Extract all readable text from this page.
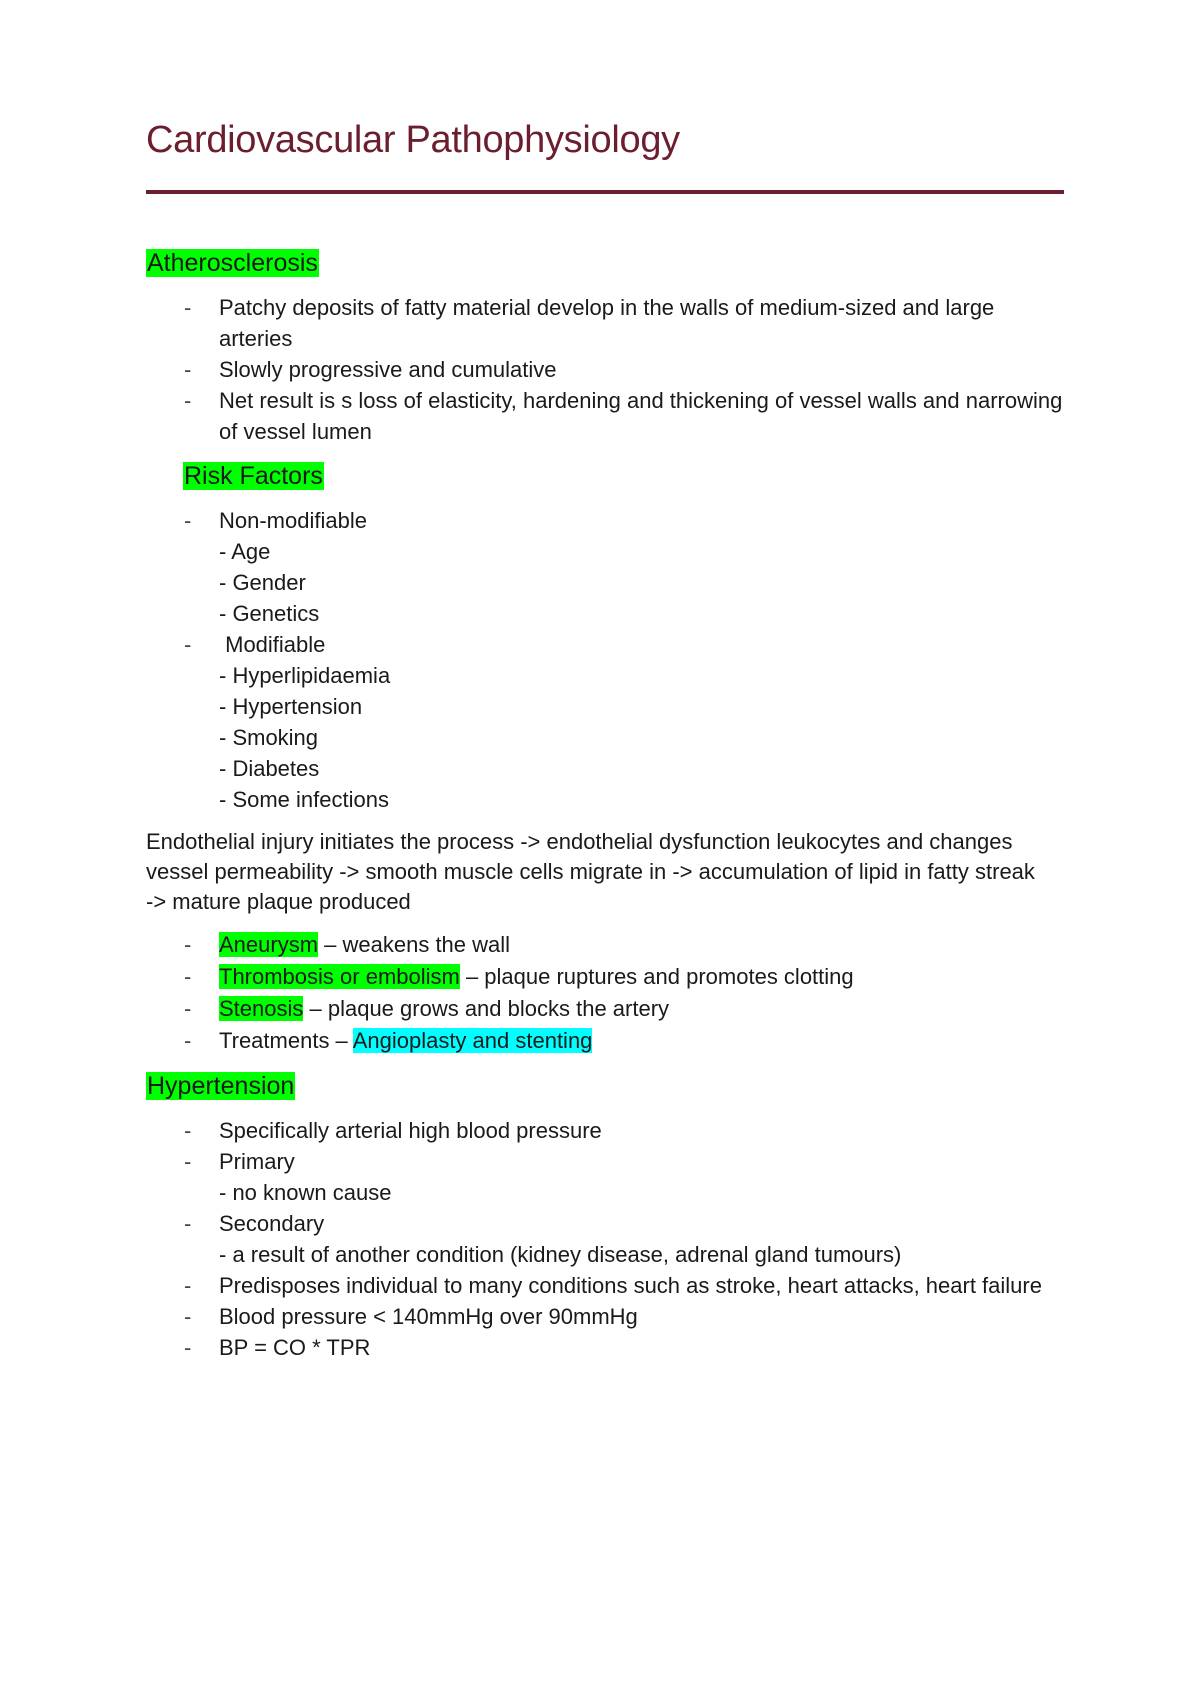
Cardiovascular Pathophysiology
Atherosclerosis
- Patchy deposits of fatty material develop in the walls of medium-sized and large arteries
- Slowly progressive and cumulative
- Net result is s loss of elasticity, hardening and thickening of vessel walls and narrowing of vessel lumen
Risk Factors
- Non-modifiable
- Age
- Gender
- Genetics
- Modifiable
- Hyperlipidaemia
- Hypertension
- Smoking
- Diabetes
- Some infections

Endothelial injury initiates the process -> endothelial dysfunction leukocytes and changes vessel permeability -> smooth muscle cells migrate in -> accumulation of lipid in fatty streak -> mature plaque produced

- Aneurysm – weakens the wall
- Thrombosis or embolism – plaque ruptures and promotes clotting
- Stenosis – plaque grows and blocks the artery
- Treatments – Angioplasty and stenting
Hypertension
- Specifically arterial high blood pressure
- Primary
- no known cause
- Secondary
- a result of another condition (kidney disease, adrenal gland tumours)
- Predisposes individual to many conditions such as stroke, heart attacks, heart failure
- Blood pressure < 140mmHg over 90mmHg
- BP = CO * TPR
